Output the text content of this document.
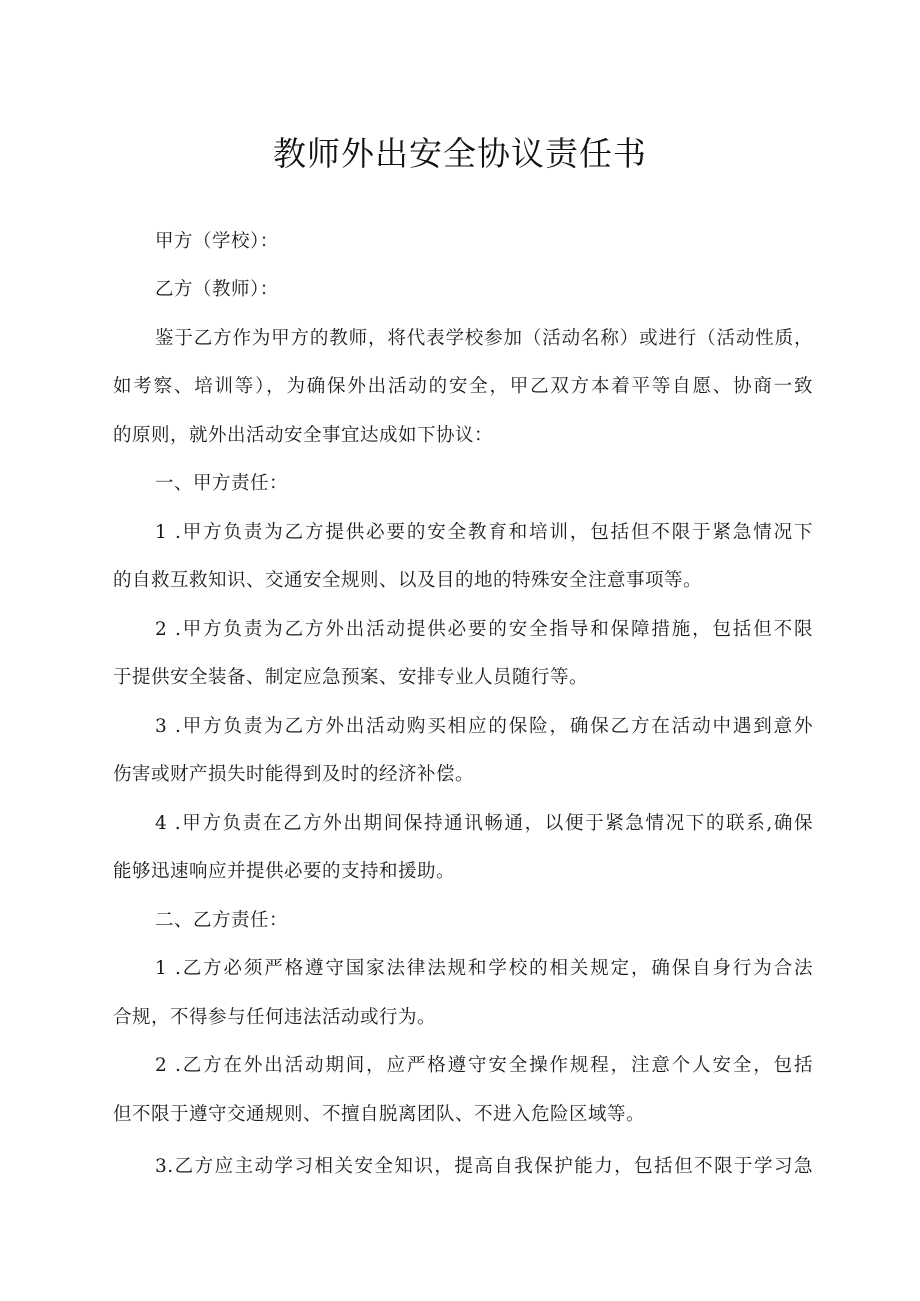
教师外出安全协议责任书

甲方（学校）：

乙方（教师）：

鉴于乙方作为甲方的教师，将代表学校参加（活动名称）或进行（活动性质，

如考察、培训等），为确保外出活动的安全，甲乙双方本着平等自愿、协商一致

的原则，就外出活动安全事宜达成如下协议：

一、甲方责任：

1 .甲方负责为乙方提供必要的安全教育和培训，包括但不限于紧急情况下

的自救互救知识、交通安全规则、以及目的地的特殊安全注意事项等。

2 .甲方负责为乙方外出活动提供必要的安全指导和保障措施，包括但不限

于提供安全装备、制定应急预案、安排专业人员随行等。

3 .甲方负责为乙方外出活动购买相应的保险，确保乙方在活动中遇到意外

伤害或财产损失时能得到及时的经济补偿。

4 .甲方负责在乙方外出期间保持通讯畅通，以便于紧急情况下的联系,确保

能够迅速响应并提供必要的支持和援助。

二、乙方责任：

1 .乙方必须严格遵守国家法律法规和学校的相关规定，确保自身行为合法

合规，不得参与任何违法活动或行为。

2 .乙方在外出活动期间，应严格遵守安全操作规程，注意个人安全，包括

但不限于遵守交通规则、不擅自脱离团队、不进入危险区域等。

3.乙方应主动学习相关安全知识，提高自我保护能力，包括但不限于学习急
